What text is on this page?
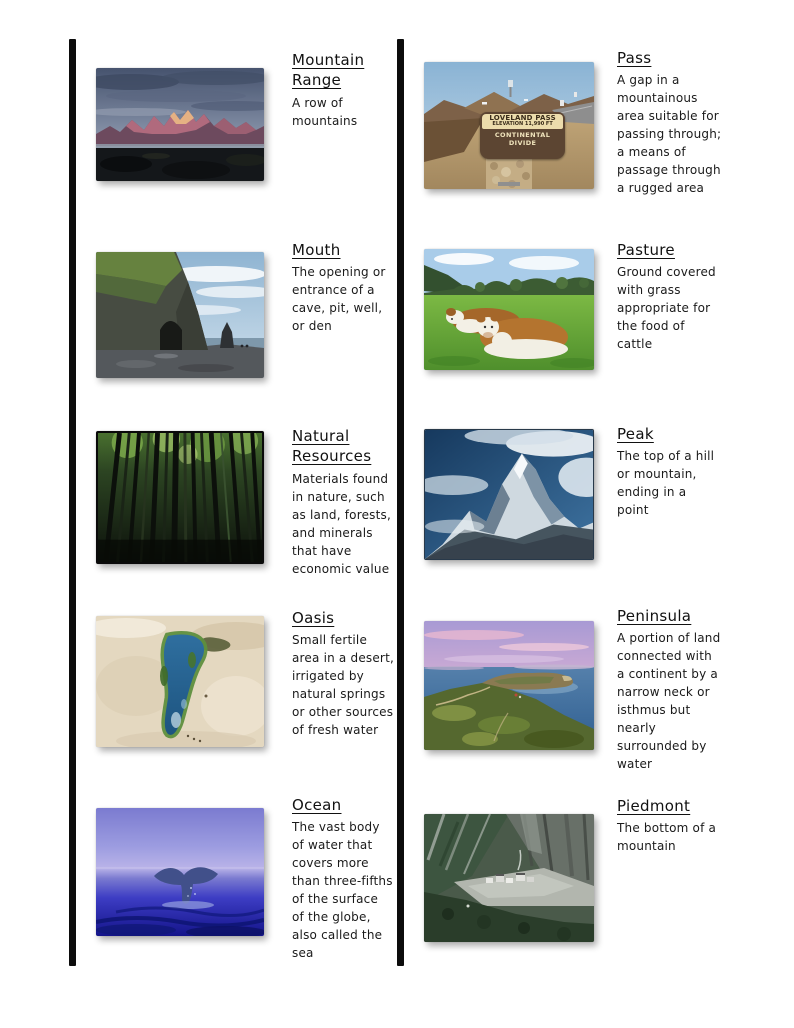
Mountain Range
A row of mountains
Mouth
The opening or entrance of a cave, pit, well, or den
Natural Resources
Materials found in nature, such as land, forests, and minerals that have economic value
Oasis
Small fertile area in a desert, irrigated by natural springs or other sources of fresh water
Ocean
The vast body of water that covers more than three-fifths of the surface of the globe, also called the sea
LOVELAND PASS
ELEVATION 11,990 FT
CONTINENTAL DIVIDE
Pass
A gap in a mountainous area suitable for passing through; a means of passage through a rugged area
Pasture
Ground covered with grass appropriate for the food of cattle
Peak
The top of a hill or mountain, ending in a point
Peninsula
A portion of land connected with a continent by a narrow neck or isthmus but nearly surrounded by water
Piedmont
The bottom of a mountain
